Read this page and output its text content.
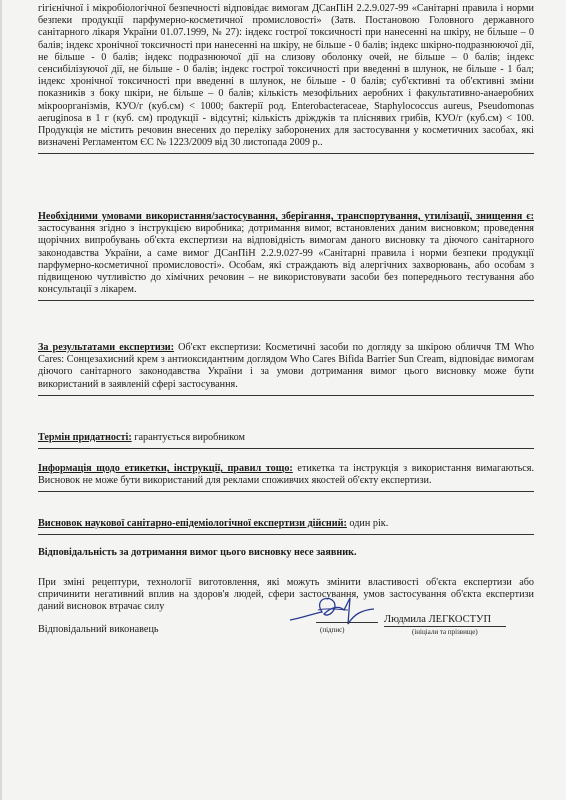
гігієнічної і мікробіологічної безпечності відповідає вимогам ДСанПіН 2.2.9.027-99 «Санітарні правила і норми безпеки продукції парфумерно-косметичної промисловості» (Затв. Постановою Головного державного санітарного лікаря України 01.07.1999, № 27): індекс гострої токсичності при нанесенні на шкіру, не більше – 0 балів; індекс хронічної токсичності при нанесенні на шкіру, не більше - 0 балів; індекс шкірно-подразнюючої дії, не більше - 0 балів; індекс подразнюючої дії на слизову оболонку очей, не більше – 0 балів; індекс сенсибілізуючої дії, не більше - 0 балів; індекс гострої токсичності при введенні в шлунок, не більше - 1 бал; індекс хронічної токсичності при введенні в шлунок, не більше - 0 балів; суб'єктивні та об'єктивні зміни показників з боку шкіри, не більше – 0 балів; кількість мезофільних аеробних і факультативно-анаеробних мікроорганізмів, КУО/г (куб.см) < 1000; бактерії род. Enterobacteraceae, Staphylococcus aureus, Pseudomonas aeruginosa в 1 г (куб. см) продукції - відсутні; кількість дріжджів та пліснявих грибів, КУО/г (куб.см) < 100. Продукція не містить речовин внесених до переліку заборонених для застосування у косметичних засобах, які визначені Регламентом ЄС № 1223/2009 від 30 листопада 2009 р..
Необхідними умовами використання/застосування, зберігання, транспортування, утилізації, знищення є: застосування згідно з інструкцією виробника; дотримання вимог, встановлених даним висновком; проведення щорічних випробувань об'єкта експертизи на відповідність вимогам даного висновку та діючого санітарного законодавства України, а саме вимог ДСанПіН 2.2.9.027-99 «Санітарні правила і норми безпеки продукції парфумерно-косметичної промисловості». Особам, які страждають від алергічних захворювань, або особам з підвищеною чутливістю до хімічних речовин – не використовувати засоби без попереднього тестування або консультації з лікарем.
За результатами експертизи: Об'єкт експертизи: Косметичні засоби по догляду за шкірою обличчя ТМ Who Cares: Сонцезахисний крем з антиоксидантним доглядом Who Cares Bifida Barrier Sun Cream, відповідає вимогам діючого санітарного законодавства України і за умови дотримання вимог цього висновку може бути використаний в заявленій сфері застосування.
Термін придатності: гарантується виробником
Інформація щодо етикетки, інструкції, правил тощо: етикетка та інструкція з використання вимагаються. Висновок не може бути використаний для реклами споживчих якостей об'єкту експертизи.
Висновок наукової санітарно-епідеміологічної експертизи дійсний: один рік.
Відповідальність за дотримання вимог цього висновку несе заявник.
При зміні рецептури, технології виготовлення, які можуть змінити властивості об'єкта експертизи або спричинити негативний вплив на здоров'я людей, сфери застосування, умов застосування об'єкта експертизи даний висновок втрачає силу
Відповідальний виконавець	(підпис)
Людмила ЛЕГКОСТУП
(ініціали та прізвище)
